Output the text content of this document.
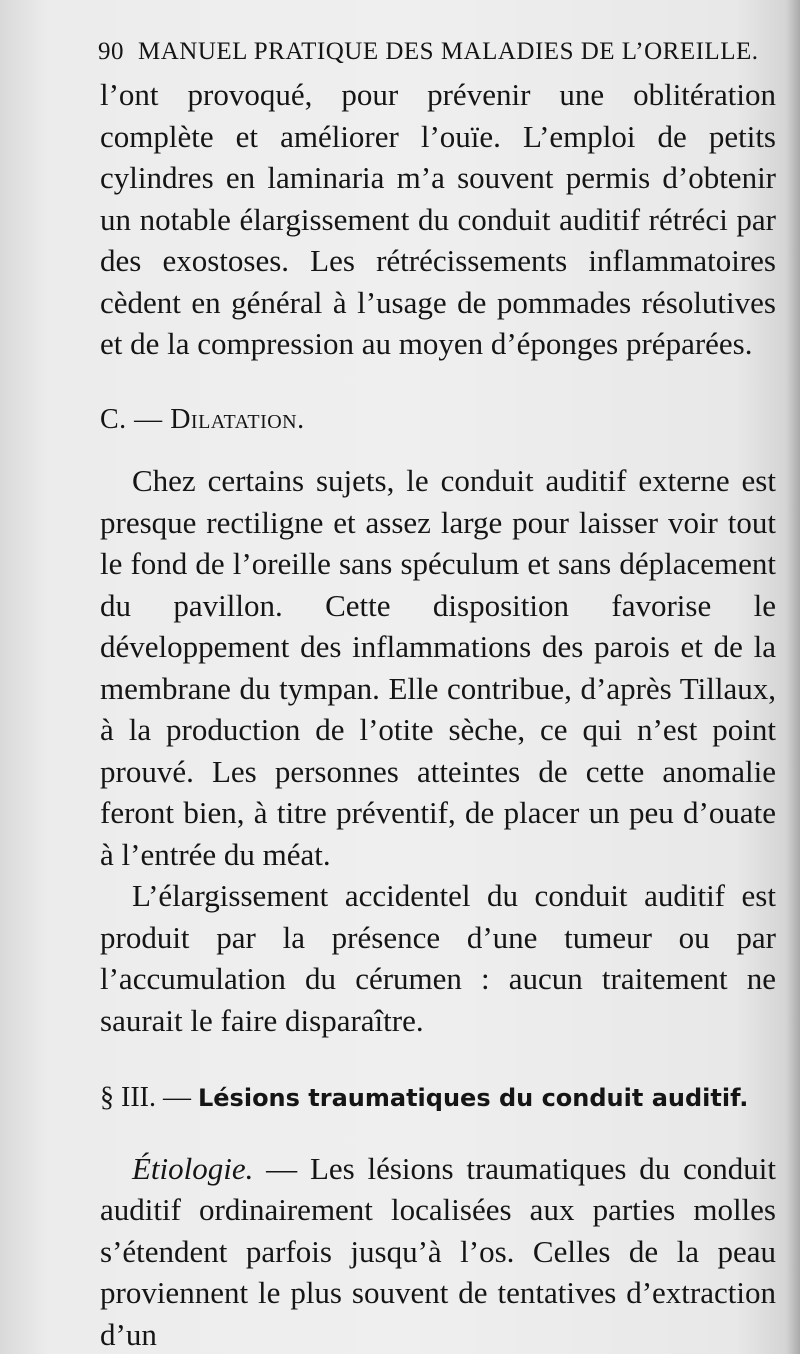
90 MANUEL PRATIQUE DES MALADIES DE L’OREILLE.

l’ont provoqué, pour prévenir une oblitération complète et améliorer l’ouïe. L’emploi de petits cylindres en laminaria m’a souvent permis d’obtenir un notable élargissement du conduit auditif rétréci par des exostoses. Les rétrécissements inflammatoires cèdent en général à l’usage de pommades résolutives et de la compression au moyen d’éponges préparées.

C. — Dilatation.

Chez certains sujets, le conduit auditif externe est presque rectiligne et assez large pour laisser voir tout le fond de l’oreille sans spéculum et sans déplacement du pavillon. Cette disposition favorise le développement des inflammations des parois et de la membrane du tympan. Elle contribue, d’après Tillaux, à la production de l’otite sèche, ce qui n’est point prouvé. Les personnes atteintes de cette anomalie feront bien, à titre préventif, de placer un peu d’ouate à l’entrée du méat.

L’élargissement accidentel du conduit auditif est produit par la présence d’une tumeur ou par l’accumulation du cérumen : aucun traitement ne saurait le faire disparaître.

§ III. — Lésions traumatiques du conduit auditif.

Étiologie. — Les lésions traumatiques du conduit auditif ordinairement localisées aux parties molles s’étendent parfois jusqu’à l’os. Celles de la peau proviennent le plus souvent de tentatives d’extraction d’un
